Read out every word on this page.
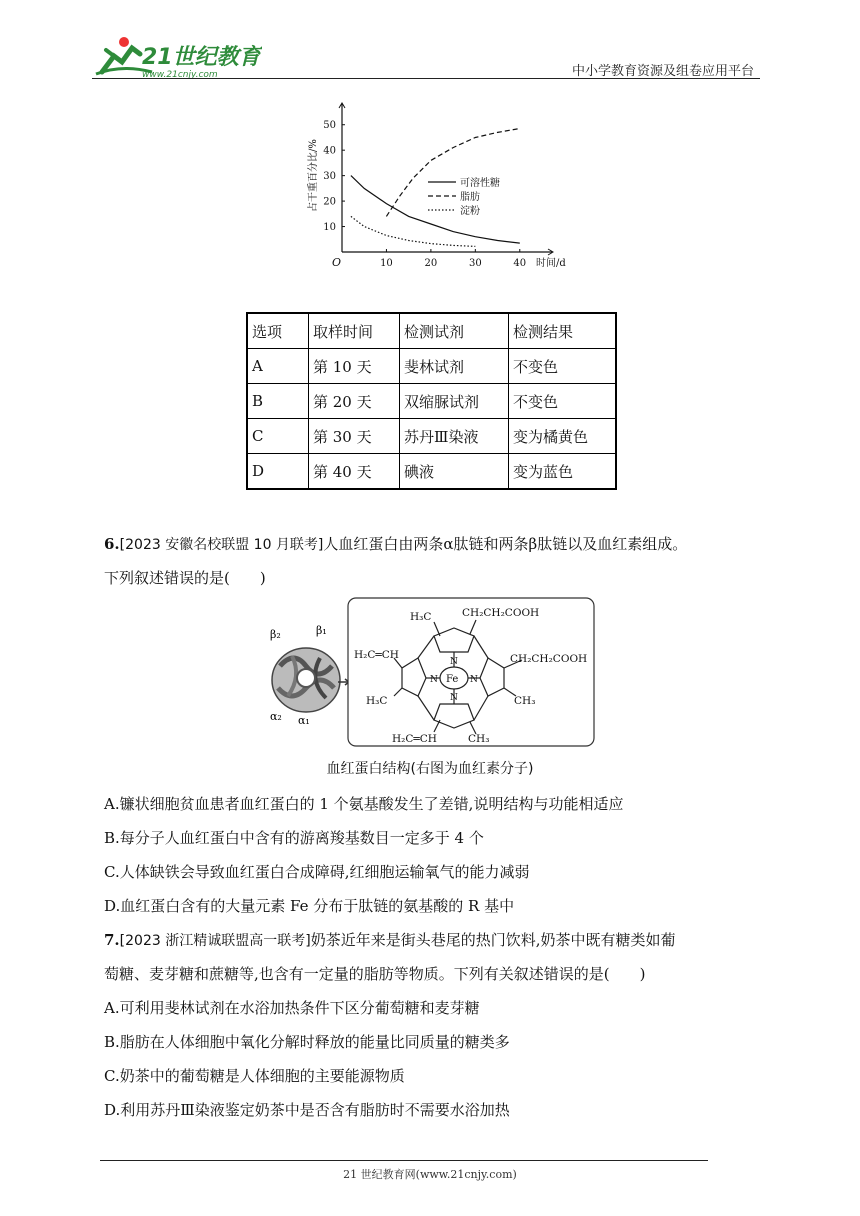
21世纪教育
www.21cnjy.com	中小学教育资源及组卷应用平台
10	20	30	40
10
20
30
40
50
O	时间/d
占干重百分比/%	可溶性糖
脂肪
淀粉
选项	取样时间	检测试剂	检测结果
A	第 10 天	斐林试剂	不变色
B	第 20 天	双缩脲试剂	不变色
C	第 30 天	苏丹Ⅲ染液	变为橘黄色
D	第 40 天	碘液	变为蓝色
6.[2023 安徽名校联盟 10 月联考]人血红蛋白由两条α肽链和两条β肽链以及血红素组成。
下列叙述错误的是(　　)
β₂	β₁
α₂ α₁
H₃C	CH₂CH₂COOH
H₂C═CH	CH₂CH₂COOH
H₃C	CH₃
H₂C═CH	CH₃
Fe
N
N
N	N
血红蛋白结构(右图为血红素分子)
A.镰状细胞贫血患者血红蛋白的 1 个氨基酸发生了差错,说明结构与功能相适应
B.每分子人血红蛋白中含有的游离羧基数目一定多于 4 个
C.人体缺铁会导致血红蛋白合成障碍,红细胞运输氧气的能力减弱
D.血红蛋白含有的大量元素 Fe 分布于肽链的氨基酸的 R 基中
7.[2023 浙江精诚联盟高一联考]奶茶近年来是街头巷尾的热门饮料,奶茶中既有糖类如葡
萄糖、麦芽糖和蔗糖等,也含有一定量的脂肪等物质。下列有关叙述错误的是(　　)
A.可利用斐林试剂在水浴加热条件下区分葡萄糖和麦芽糖
B.脂肪在人体细胞中氧化分解时释放的能量比同质量的糖类多
C.奶茶中的葡萄糖是人体细胞的主要能源物质
D.利用苏丹Ⅲ染液鉴定奶茶中是否含有脂肪时不需要水浴加热
21 世纪教育网(www.21cnjy.com)
